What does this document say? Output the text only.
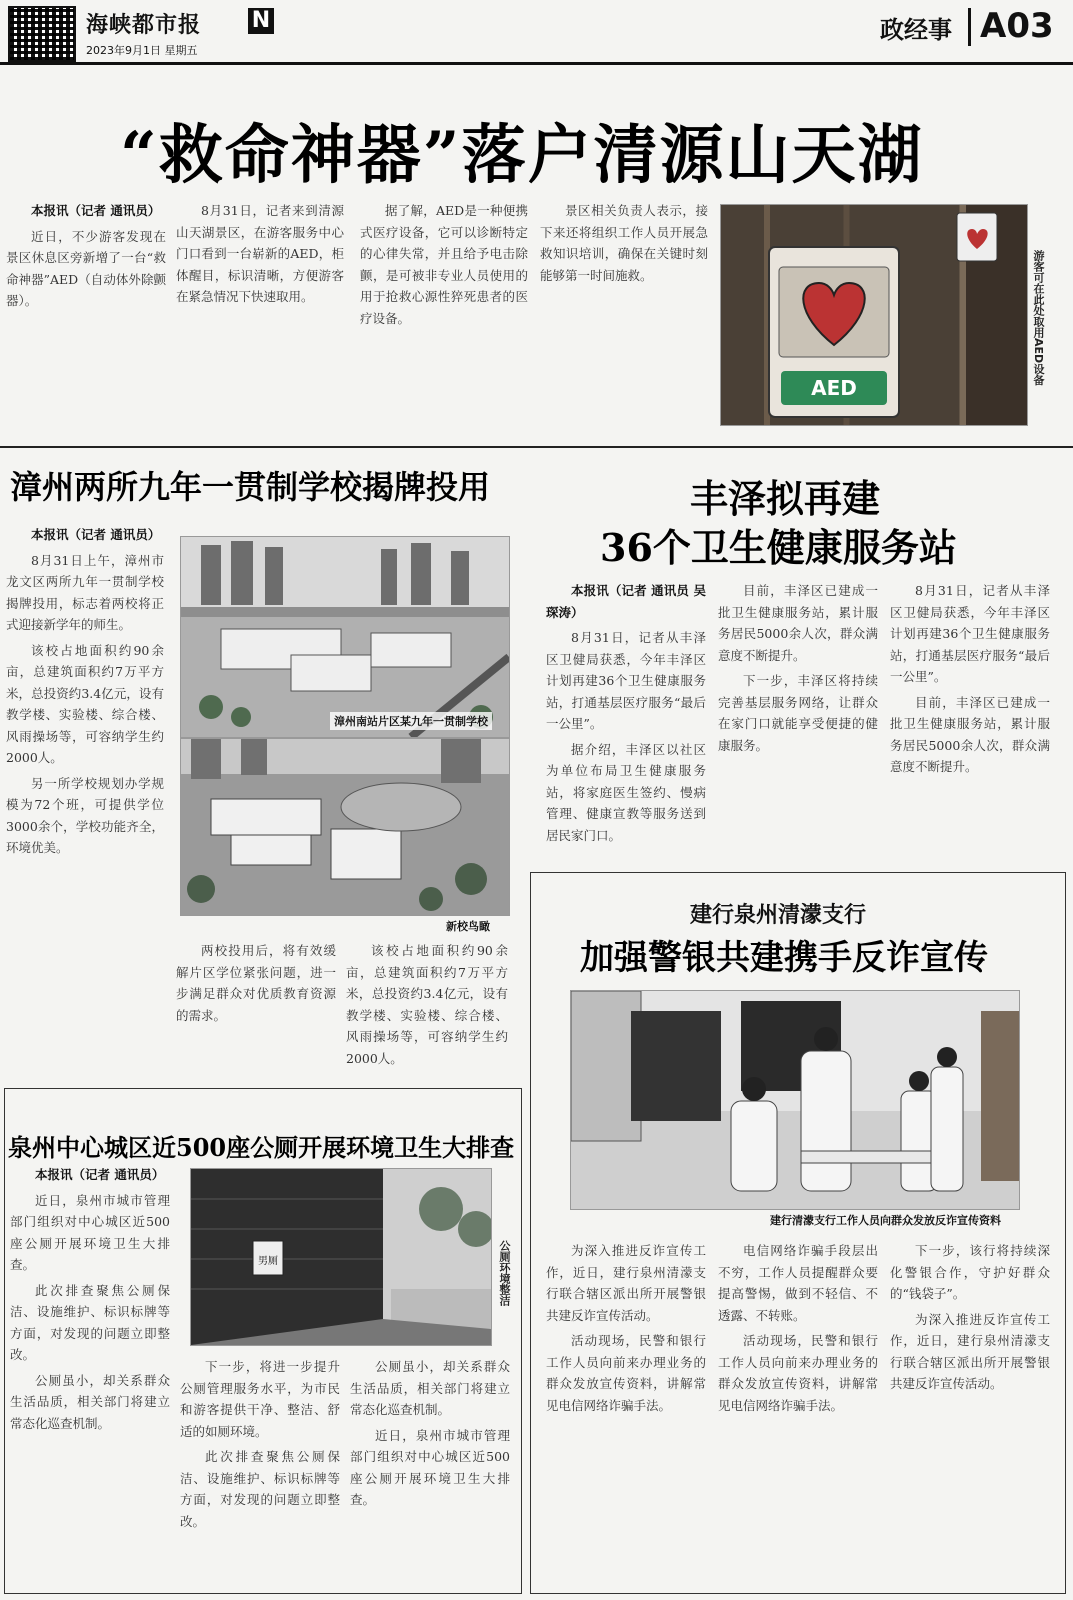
海峡都市报 N
2023年9月1日 星期五
政经事 A03
“救命神器”落户清源山天湖

本报讯（记者 通讯员）

近日，不少游客发现在景区休息区旁新增了一台“救命神器”AED（自动体外除颤器）。

8月31日，记者来到清源山天湖景区，在游客服务中心门口看到一台崭新的AED，柜体醒目，标识清晰，方便游客在紧急情况下快速取用。

据了解，AED是一种便携式医疗设备，它可以诊断特定的心律失常，并且给予电击除颤，是可被非专业人员使用的用于抢救心源性猝死患者的医疗设备。

景区相关负责人表示，接下来还将组织工作人员开展急救知识培训，确保在关键时刻能够第一时间施救。

AED
游客可在此处取用AED设备
漳州两所九年一贯制学校揭牌投用

本报讯（记者 通讯员）

8月31日上午，漳州市龙文区两所九年一贯制学校揭牌投用，标志着两校将正式迎接新学年的师生。

该校占地面积约90余亩，总建筑面积约7万平方米，总投资约3.4亿元，设有教学楼、实验楼、综合楼、风雨操场等，可容纳学生约2000人。

另一所学校规划办学规模为72个班，可提供学位3000余个，学校功能齐全，环境优美。

漳州南站片区某九年一贯制学校
新校鸟瞰

两校投用后，将有效缓解片区学位紧张问题，进一步满足群众对优质教育资源的需求。

该校占地面积约90余亩，总建筑面积约7万平方米，总投资约3.4亿元，设有教学楼、实验楼、综合楼、风雨操场等，可容纳学生约2000人。

丰泽拟再建
36个卫生健康服务站

本报讯（记者 通讯员 吴琛涛）

8月31日，记者从丰泽区卫健局获悉，今年丰泽区计划再建36个卫生健康服务站，打通基层医疗服务“最后一公里”。

据介绍，丰泽区以社区为单位布局卫生健康服务站，将家庭医生签约、慢病管理、健康宣教等服务送到居民家门口。

目前，丰泽区已建成一批卫生健康服务站，累计服务居民5000余人次，群众满意度不断提升。

下一步，丰泽区将持续完善基层服务网络，让群众在家门口就能享受便捷的健康服务。

8月31日，记者从丰泽区卫健局获悉，今年丰泽区计划再建36个卫生健康服务站，打通基层医疗服务“最后一公里”。

目前，丰泽区已建成一批卫生健康服务站，累计服务居民5000余人次，群众满意度不断提升。

建行泉州清濛支行
加强警银共建携手反诈宣传
建行清濛支行工作人员向群众发放反诈宣传资料

为深入推进反诈宣传工作，近日，建行泉州清濛支行联合辖区派出所开展警银共建反诈宣传活动。

活动现场，民警和银行工作人员向前来办理业务的群众发放宣传资料，讲解常见电信网络诈骗手法。

电信网络诈骗手段层出不穷，工作人员提醒群众要提高警惕，做到不轻信、不透露、不转账。

活动现场，民警和银行工作人员向前来办理业务的群众发放宣传资料，讲解常见电信网络诈骗手法。

下一步，该行将持续深化警银合作，守护好群众的“钱袋子”。

为深入推进反诈宣传工作，近日，建行泉州清濛支行联合辖区派出所开展警银共建反诈宣传活动。

泉州中心城区近500座公厕开展环境卫生大排查

本报讯（记者 通讯员）

近日，泉州市城市管理部门组织对中心城区近500座公厕开展环境卫生大排查。

此次排查聚焦公厕保洁、设施维护、标识标牌等方面，对发现的问题立即整改。

公厕虽小，却关系群众生活品质，相关部门将建立常态化巡查机制。

男厕	公厕环境整洁

下一步，将进一步提升公厕管理服务水平，为市民和游客提供干净、整洁、舒适的如厕环境。

此次排查聚焦公厕保洁、设施维护、标识标牌等方面，对发现的问题立即整改。

公厕虽小，却关系群众生活品质，相关部门将建立常态化巡查机制。

近日，泉州市城市管理部门组织对中心城区近500座公厕开展环境卫生大排查。
